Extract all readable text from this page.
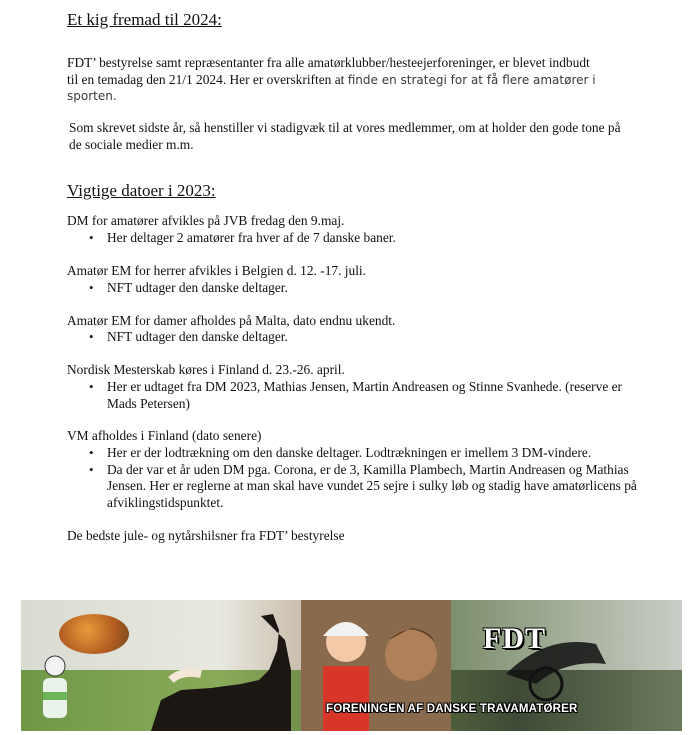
Et kig fremad til 2024:

FDT’ bestyrelse samt repræsentanter fra alle amatørklubber/hesteejerforeninger, er blevet indbudt til en temadag den 21/1 2024. Her er overskriften at finde en strategi for at få flere amatører i sporten.

Som skrevet sidste år, så henstiller vi stadigvæk til at vores medlemmer, om at holder den gode tone på de sociale medier m.m.

Vigtige datoer i 2023:

DM for amatører afvikles på JVB fredag den 9.maj.

• Her deltager 2 amatører fra hver af de 7 danske baner.

Amatør EM for herrer afvikles i Belgien d. 12. -17. juli.

• NFT udtager den danske deltager.

Amatør EM for damer afholdes på Malta, dato endnu ukendt.

• NFT udtager den danske deltager.

Nordisk Mesterskab køres i Finland d. 23.-26. april.

• Her er udtaget fra DM 2023, Mathias Jensen, Martin Andreasen og Stinne Svanhede. (reserve er Mads Petersen)

VM afholdes i Finland (dato senere)

• Her er der lodtrækning om den danske deltager. Lodtrækningen er imellem 3 DM-vindere.
• Da der var et år uden DM pga. Corona, er de 3, Kamilla Plambech, Martin Andreasen og Mathias Jensen. Her er reglerne at man skal have vundet 25 sejre i sulky løb og stadig have amatørlicens på afviklingstidspunktet.

De bedste jule- og nytårshilsner fra FDT’ bestyrelse

FDT
FORENINGEN AF DANSKE TRAVAMATØRER
